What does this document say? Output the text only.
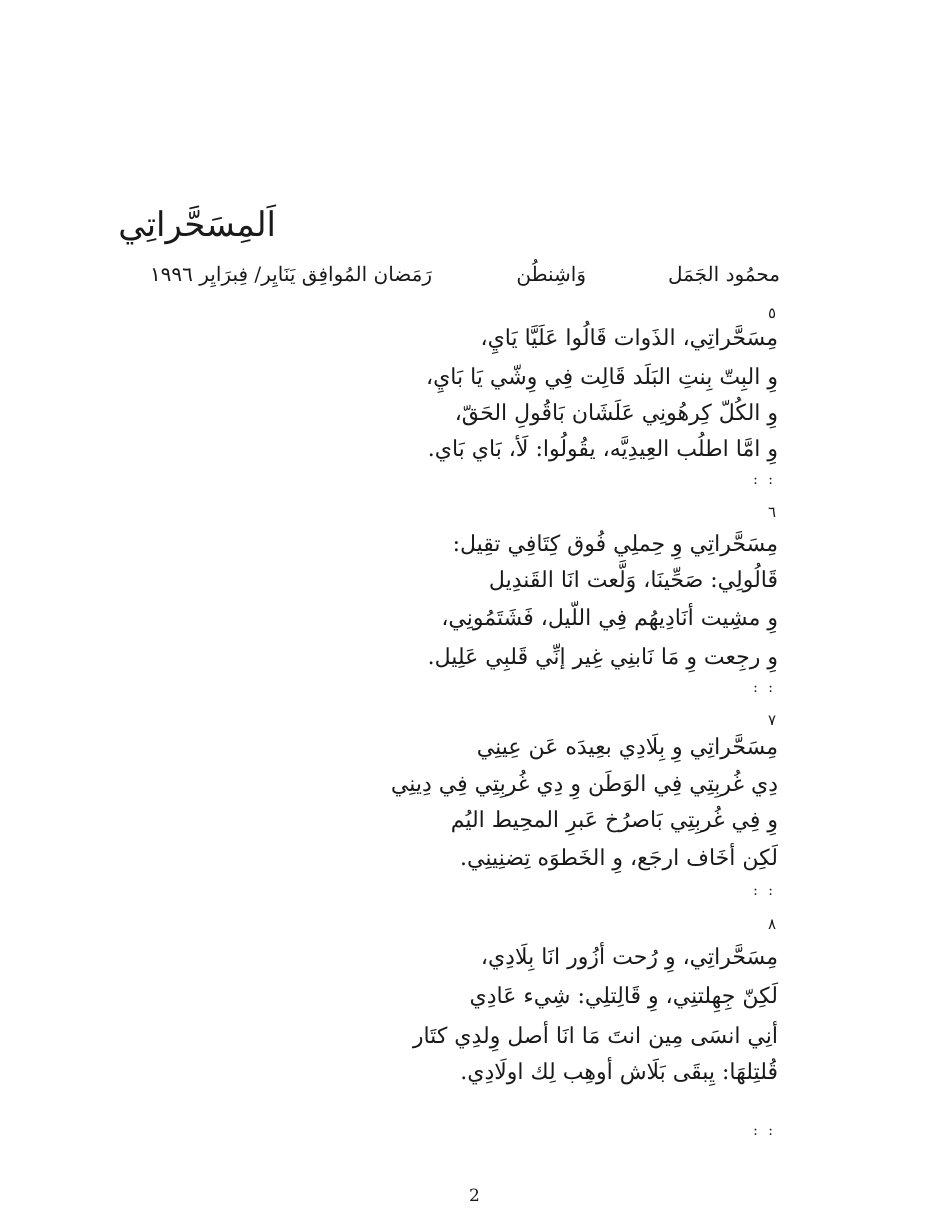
اَلمِسَحَّراتِي
محمُود الجَمَل
وَاشِنطُن
رَمَضان المُوافِق يَنَايِر/ فِبرَايِر ١٩٩٦
٥
مِسَحَّراتِي، الذَوات قَالُوا عَلَيَّا يَايِ،
وِ البِتّ بِنتِ البَلَد قَالِت فِي وِشّي يَا بَايِ،
وِ الكُلّ كِرهُونِي عَلَشَان بَاقُولِ الحَقّ،
وِ امَّا اطلُب العِيدِيَّه، يقُولُوا: لَأ، بَاي بَاي.
: :
٦
مِسَحَّراتِي وِ حِملِي فُوق كِتَافِي تقِيل:
قَالُولِي: صَحِّينَا، وَلَّعت انَا القَندِيل
وِ مشِيت أنَادِيهُم فِي اللّيل، فَشَتَمُونِي،
وِ رجِعت وِ مَا نَابنِي غِير إنِّي قَلبِي عَلِيل.
: :
٧
مِسَحَّراتِي وِ بِلَادِي بعِيدَه عَن عِينِي
دِي غُربِتِي فِي الوَطَن وِ دِي غُربِتِي فِي دِينِي
وِ فِي غُربِتِي بَاصرُخ عَبرِ المحِيط اليُم
لَكِن أخَاف ارجَع، وِ الخَطوَه تِضنِينِي.
: :
٨
مِسَحَّراتِي، وِ رُحت أزُور انَا بِلَادِي،
لَكِنّ جِهِلتنِي، وِ قَالِتلِي: شِيء عَادِي
أنِي انسَى مِين انتَ مَا انَا أصل وِلدِي كتَار
قُلتِلهَا: يِبقَى بَلَاش أوهِب لِك اولَادِي.
: :
2
